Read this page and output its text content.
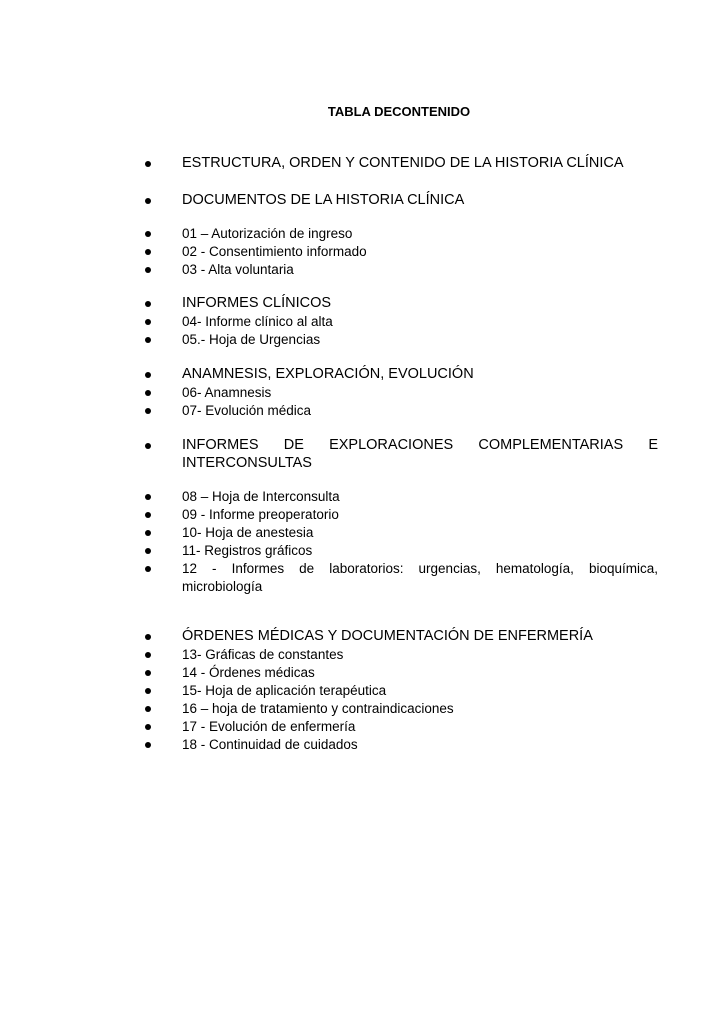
TABLA DECONTENIDO
ESTRUCTURA, ORDEN Y CONTENIDO DE LA HISTORIA CLÍNICA
DOCUMENTOS DE LA HISTORIA CLÍNICA
01 – Autorización de ingreso
02 - Consentimiento informado
03 - Alta voluntaria
INFORMES CLÍNICOS
04- Informe clínico al alta
05.- Hoja de Urgencias
ANAMNESIS, EXPLORACIÓN, EVOLUCIÓN
06- Anamnesis
07- Evolución médica
INFORMES DE EXPLORACIONES COMPLEMENTARIAS E
INTERCONSULTAS
08 – Hoja de Interconsulta
09 - Informe preoperatorio
10- Hoja de anestesia
11- Registros gráficos
12 - Informes de laboratorios: urgencias, hematología, bioquímica,
microbiología
ÓRDENES MÉDICAS Y DOCUMENTACIÓN DE ENFERMERÍA
13- Gráficas de constantes
14 - Órdenes médicas
15- Hoja de aplicación terapéutica
16 – hoja de tratamiento y contraindicaciones
17 - Evolución de enfermería
18 - Continuidad de cuidados
